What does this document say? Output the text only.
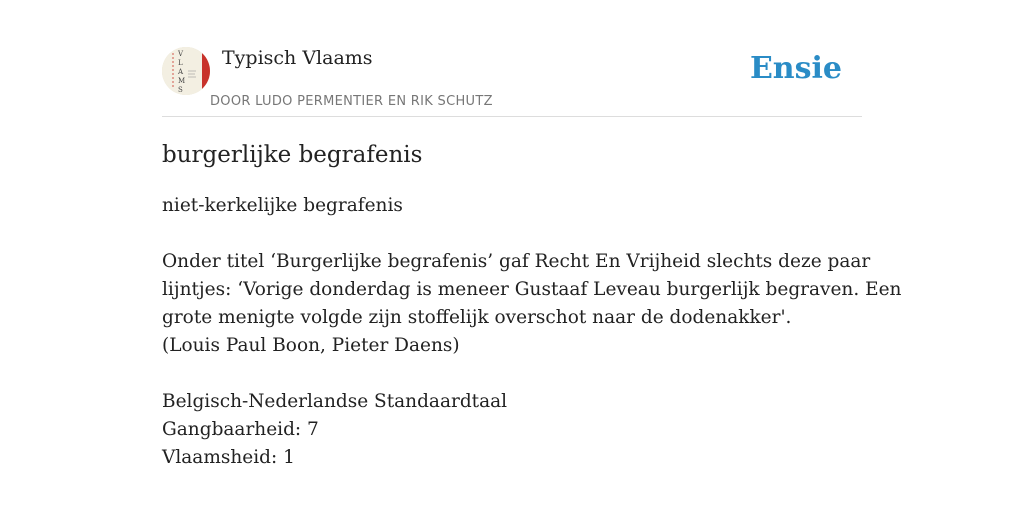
V
L
A
M
S
Typisch Vlaams
DOOR LUDO PERMENTIER EN RIK SCHUTZ
Ensie
burgerlijke begrafenis
niet-kerkelijke begrafenis
Onder titel ‘Burgerlijke begrafenis’ gaf Recht En Vrijheid slechts deze paar
lijntjes: ‘Vorige donderdag is meneer Gustaaf Leveau burgerlijk begraven. Een
grote menigte volgde zijn stoffelijk overschot naar de dodenakker'.
(Louis Paul Boon, Pieter Daens)
Belgisch-Nederlandse Standaardtaal
Gangbaarheid: 7
Vlaamsheid: 1
